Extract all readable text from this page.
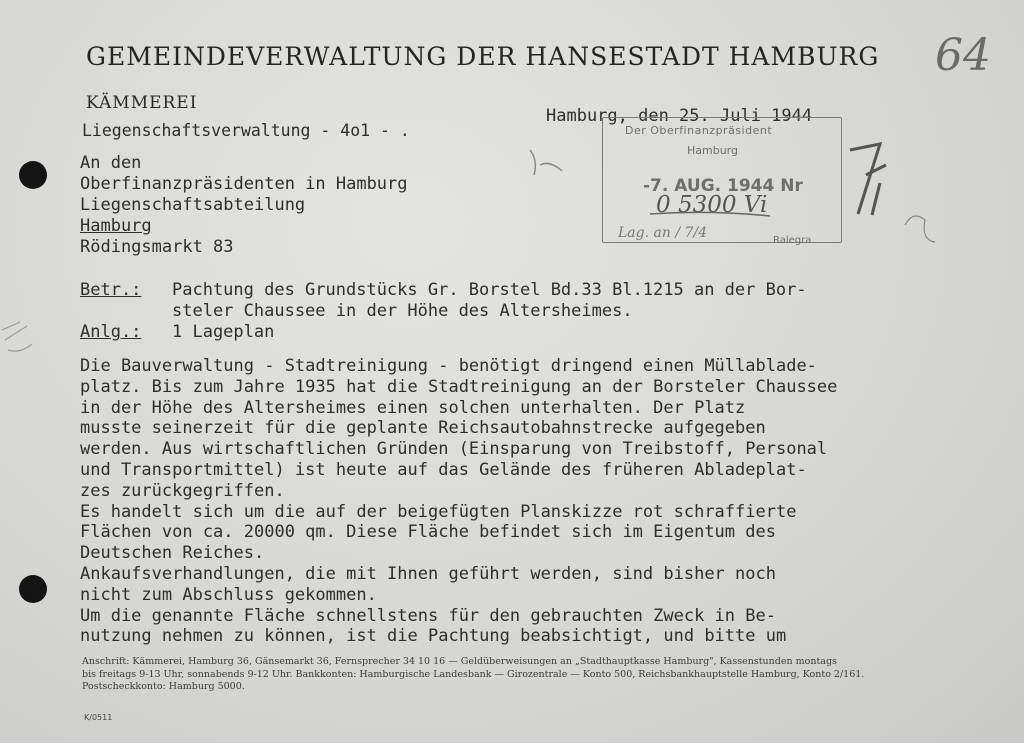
GEMEINDEVERWALTUNG DER HANSESTADT HAMBURG
KÄMMEREI
Liegenschaftsverwaltung - 4o1 - .
Hamburg, den 25. Juli 1944
Der Oberfinanzpräsident
Hamburg
-7. AUG. 1944 Nr
Ralegra
64
0 5300 Vi
Lag. an / 7/4
An den
Oberfinanzpräsidenten in Hamburg
Liegenschaftsabteilung
Hamburg
Rödingsmarkt 83
Betr.: Pachtung des Grundstücks Gr. Borstel Bd.33 Bl.1215 an der Bor-
steler Chaussee in der Höhe des Altersheimes.
Anlg.: 1 Lageplan
Die Bauverwaltung - Stadtreinigung - benötigt dringend einen Müllablade-
platz. Bis zum Jahre 1935 hat die Stadtreinigung an der Borsteler Chaussee
in der Höhe des Altersheimes einen solchen unterhalten. Der Platz
musste seinerzeit für die geplante Reichsautobahnstrecke aufgegeben
werden. Aus wirtschaftlichen Gründen (Einsparung von Treibstoff, Personal
und Transportmittel) ist heute auf das Gelände des früheren Abladeplat-
zes zurückgegriffen.
Es handelt sich um die auf der beigefügten Planskizze rot schraffierte
Flächen von ca. 20000 qm. Diese Fläche befindet sich im Eigentum des
Deutschen Reiches.
Ankaufsverhandlungen, die mit Ihnen geführt werden, sind bisher noch
nicht zum Abschluss gekommen.
Um die genannte Fläche schnellstens für den gebrauchten Zweck in Be-
nutzung nehmen zu können, ist die Pachtung beabsichtigt, und bitte um
Anschrift: Kämmerei, Hamburg 36, Gänsemarkt 36, Fernsprecher 34 10 16 — Geldüberweisungen an „Stadthauptkasse Hamburg", Kassenstunden montags
bis freitags 9-13 Uhr, sonnabends 9-12 Uhr. Bankkonten: Hamburgische Landesbank — Girozentrale — Konto 500, Reichsbankhauptstelle Hamburg, Konto 2/161.
Postscheckkonto: Hamburg 5000.
K/0511
